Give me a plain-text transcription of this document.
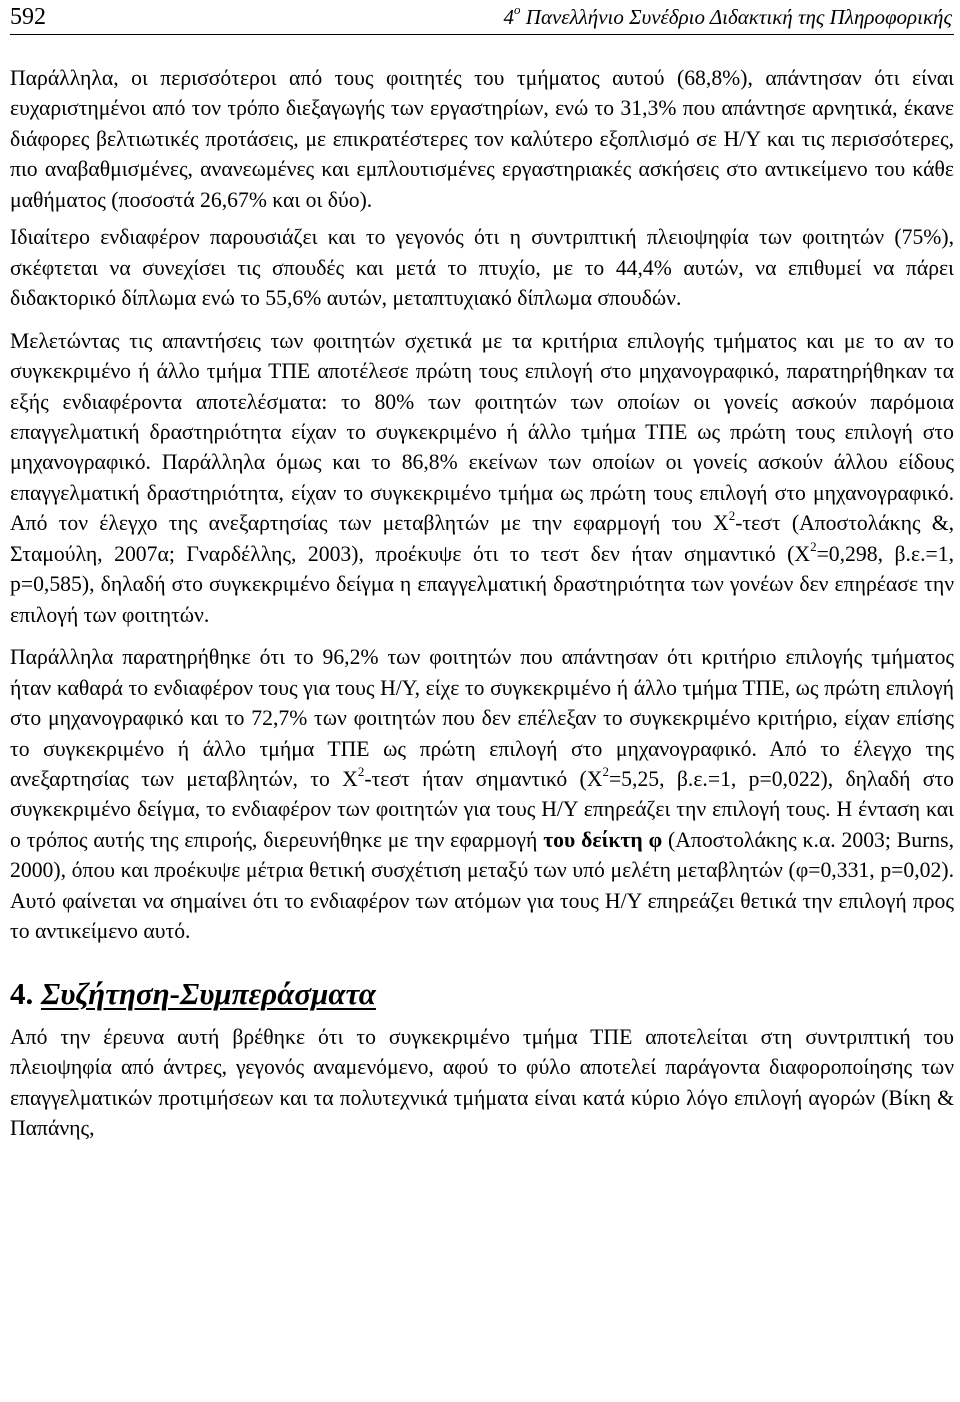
592	$4^o$ Πανελλήνιο Συνέδριο Διδακτική της Πληροφορικής

Παράλληλα, οι περισσότεροι από τους φοιτητές του τμήματος αυτού (68,8%), απάντησαν ότι είναι ευχαριστημένοι από τον τρόπο διεξαγωγής των εργαστηρίων, ενώ το 31,3% που απάντησε αρνητικά, έκανε διάφορες βελτιωτικές προτάσεις, με επικρατέστερες τον καλύτερο εξοπλισμό σε Η/Υ και τις περισσότερες, πιο αναβαθμισμένες, ανανεωμένες και εμπλουτισμένες εργαστηριακές ασκήσεις στο αντικείμενο του κάθε μαθήματος (ποσοστά 26,67% και οι δύο).

Ιδιαίτερο ενδιαφέρον παρουσιάζει και το γεγονός ότι η συντριπτική πλειοψηφία των φοιτητών (75%), σκέφτεται να συνεχίσει τις σπουδές και μετά το πτυχίο, με το 44,4% αυτών, να επιθυμεί να πάρει διδακτορικό δίπλωμα ενώ το 55,6% αυτών, μεταπτυχιακό δίπλωμα σπουδών.

Μελετώντας τις απαντήσεις των φοιτητών σχετικά με τα κριτήρια επιλογής τμήματος και με το αν το συγκεκριμένο ή άλλο τμήμα ΤΠΕ αποτέλεσε πρώτη τους επιλογή στο μηχανογραφικό, παρατηρήθηκαν τα εξής ενδιαφέροντα αποτελέσματα: το 80% των φοιτητών των οποίων οι γονείς ασκούν παρόμοια επαγγελματική δραστηριότητα είχαν το συγκεκριμένο ή άλλο τμήμα ΤΠΕ ως πρώτη τους επιλογή στο μηχανογραφικό. Παράλληλα όμως και το 86,8% εκείνων των οποίων οι γονείς ασκούν άλλου είδους επαγγελματική δραστηριότητα, είχαν το συγκεκριμένο τμήμα ως πρώτη τους επιλογή στο μηχανογραφικό. Από τον έλεγχο της ανεξαρτησίας των μεταβλητών με την εφαρμογή του $X^2$-τεστ (Αποστολάκης &, Σταμούλη, 2007α; Γναρδέλλης, 2003), προέκυψε ότι το τεστ δεν ήταν σημαντικό ($X^2=0,298$, β.ε.=1, p=0,585), δηλαδή στο συγκεκριμένο δείγμα η επαγγελματική δραστηριότητα των γονέων δεν επηρέασε την επιλογή των φοιτητών.

Παράλληλα παρατηρήθηκε ότι το 96,2% των φοιτητών που απάντησαν ότι κριτήριο επιλογής τμήματος ήταν καθαρά το ενδιαφέρον τους για τους Η/Υ, είχε το συγκεκριμένο ή άλλο τμήμα ΤΠΕ, ως πρώτη επιλογή στο μηχανογραφικό και το 72,7% των φοιτητών που δεν επέλεξαν το συγκεκριμένο κριτήριο, είχαν επίσης το συγκεκριμένο ή άλλο τμήμα ΤΠΕ ως πρώτη επιλογή στο μηχανογραφικό. Από το έλεγχο της ανεξαρτησίας των μεταβλητών, το $X^2$-τεστ ήταν σημαντικό ($X^2=5,25$, β.ε.=1, p=0,022), δηλαδή στο συγκεκριμένο δείγμα, το ενδιαφέρον των φοιτητών για τους Η/Υ επηρεάζει την επιλογή τους. Η ένταση και ο τρόπος αυτής της επιροής, διερευνήθηκε με την εφαρμογή του δείκτη φ (Αποστολάκης κ.α. 2003; Burns, 2000), όπου και προέκυψε μέτρια θετική συσχέτιση μεταξύ των υπό μελέτη μεταβλητών (φ=0,331, p=0,02). Αυτό φαίνεται να σημαίνει ότι το ενδιαφέρον των ατόμων για τους Η/Υ επηρεάζει θετικά την επιλογή προς το αντικείμενο αυτό.

4. Συζήτηση-Συμπεράσματα

Από την έρευνα αυτή βρέθηκε ότι το συγκεκριμένο τμήμα ΤΠΕ αποτελείται στη συντριπτική του πλειοψηφία από άντρες, γεγονός αναμενόμενο, αφού το φύλο αποτελεί παράγοντα διαφοροποίησης των επαγγελματικών προτιμήσεων και τα πολυτεχνικά τμήματα είναι κατά κύριο λόγο επιλογή αγορών (Βίκη & Παπάνης,
